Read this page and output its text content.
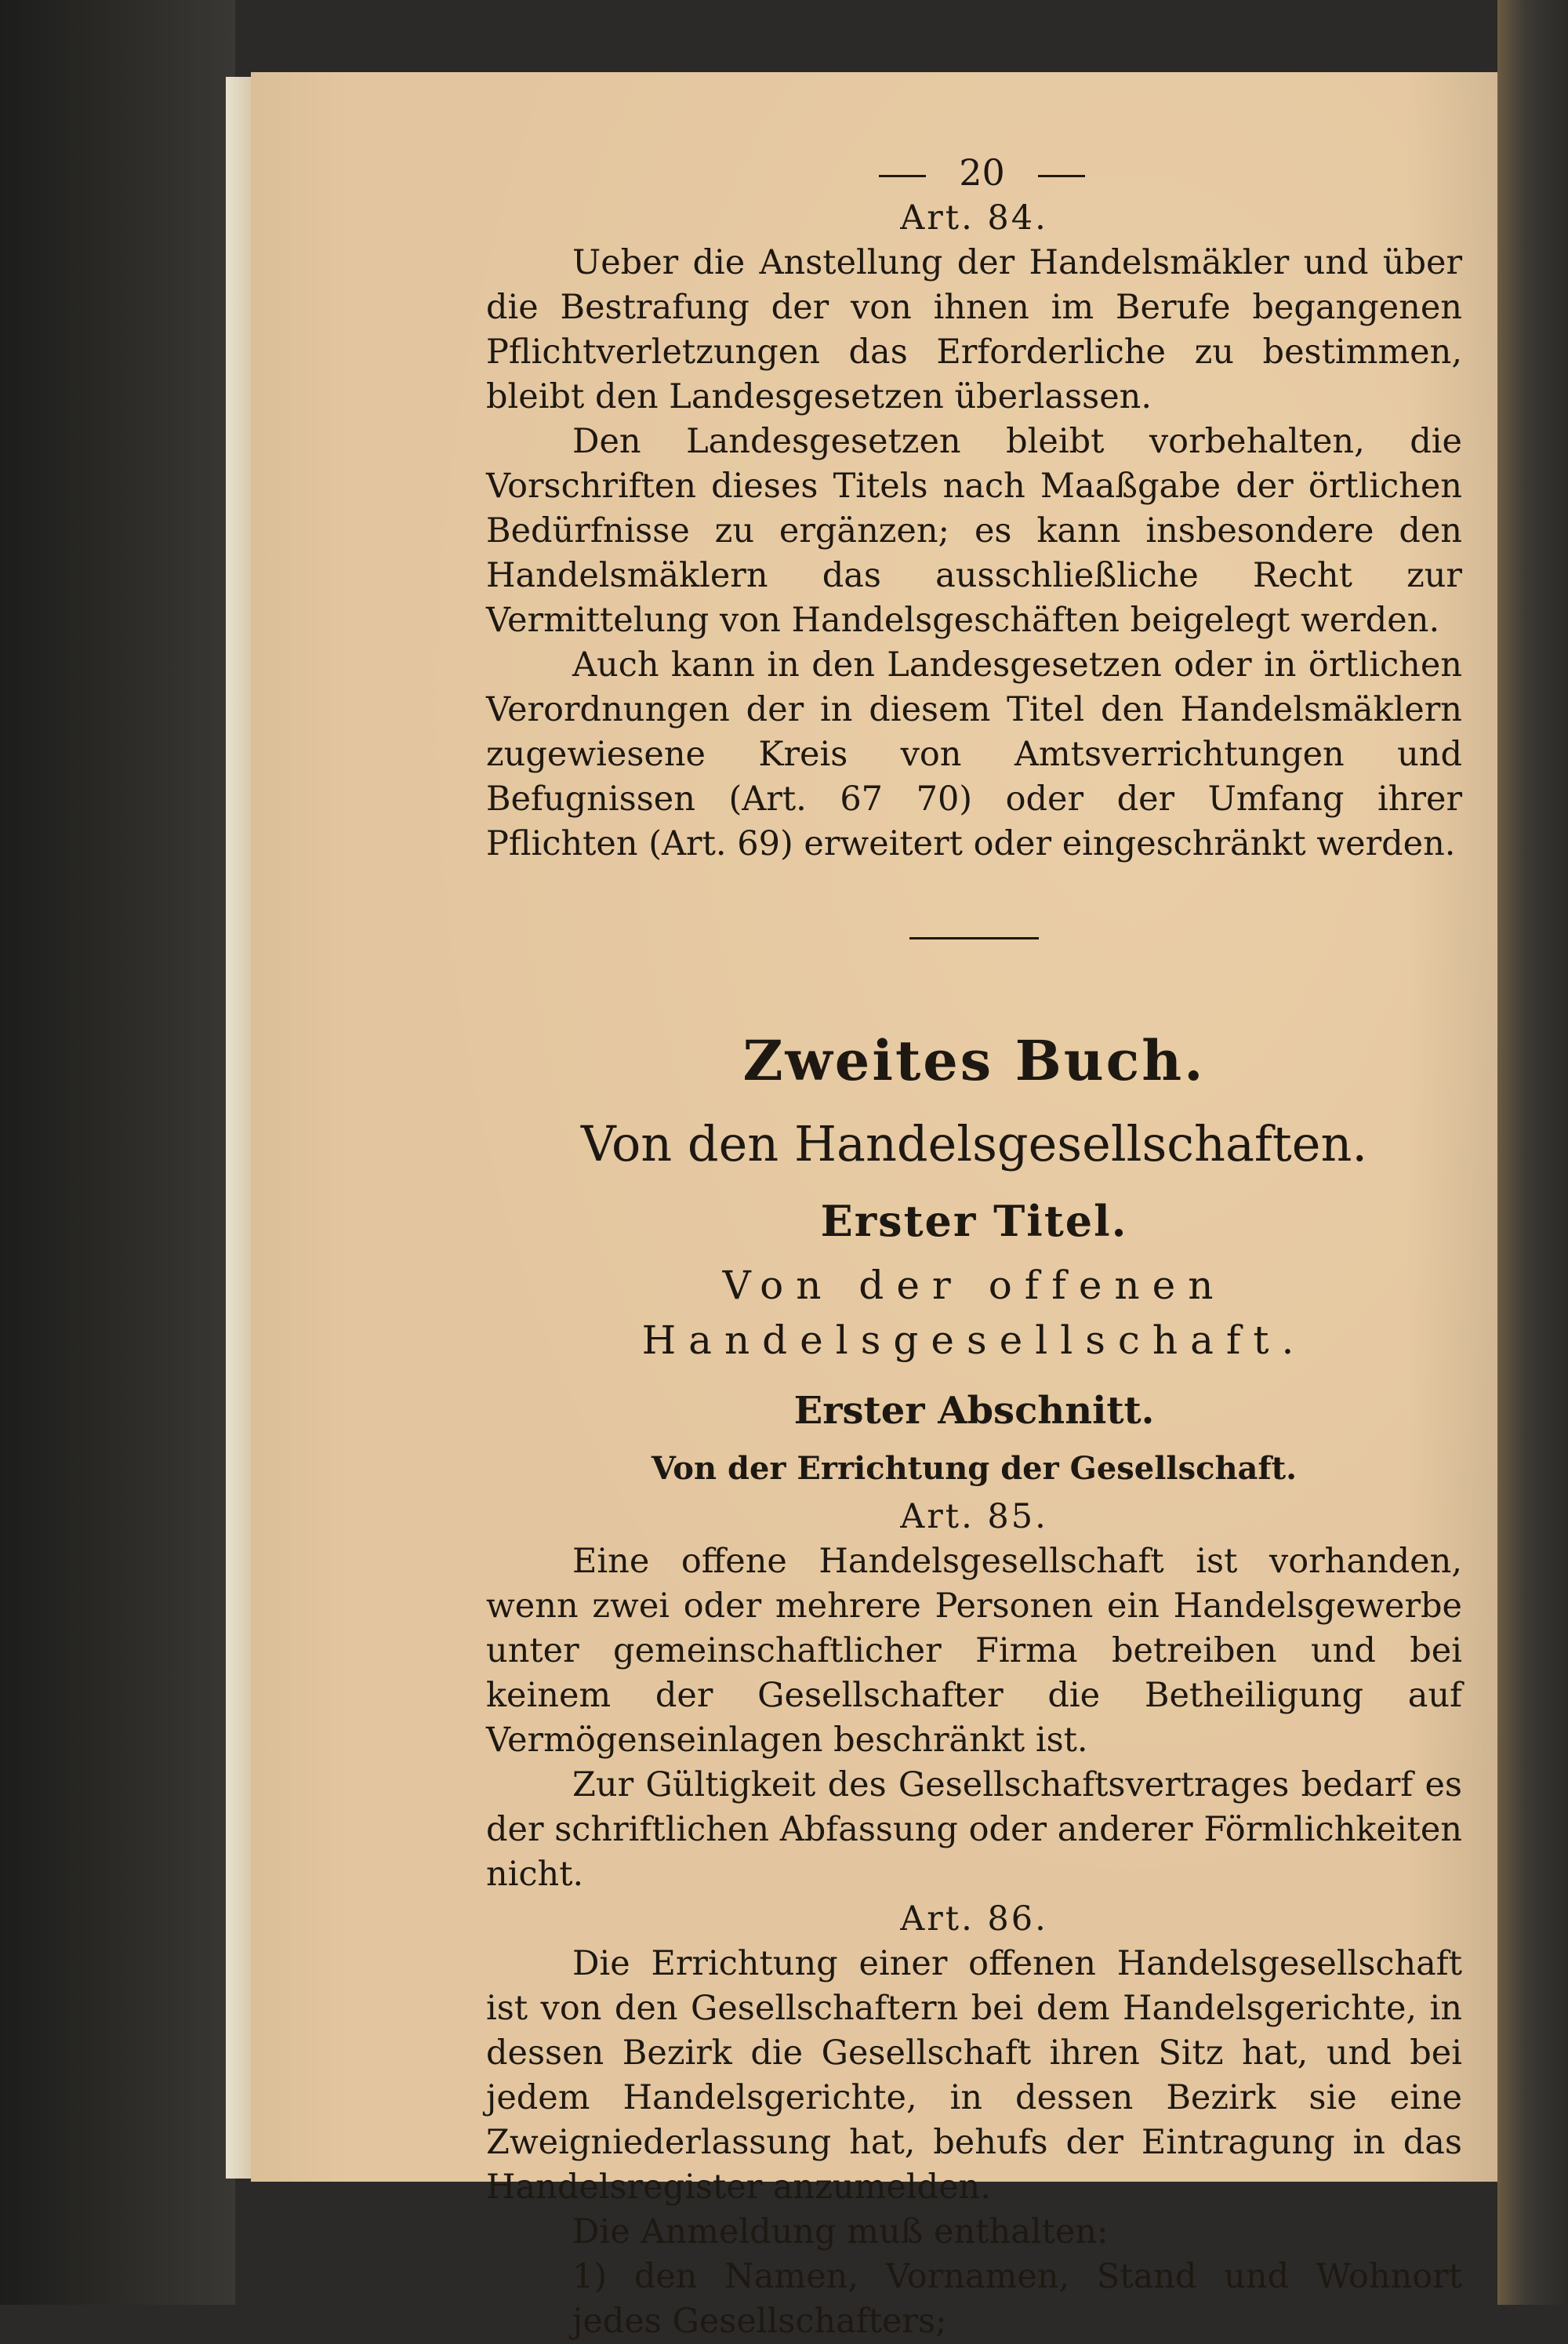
20
Art. 84.

Ueber die Anstellung der Handelsmäkler und über die Bestrafung der von ihnen im Berufe begangenen Pflichtverletzungen das Erforderliche zu bestimmen, bleibt den Landesgesetzen überlassen.

Den Landesgesetzen bleibt vorbehalten, die Vorschriften dieses Titels nach Maaßgabe der örtlichen Bedürfnisse zu ergänzen; es kann insbesondere den Handelsmäklern das ausschließliche Recht zur Vermittelung von Handelsgeschäften beigelegt werden.

Auch kann in den Landesgesetzen oder in örtlichen Verordnungen der in diesem Titel den Handelsmäklern zugewiesene Kreis von Amtsverrichtungen und Befugnissen (Art. 67 70) oder der Umfang ihrer Pflichten (Art. 69) erweitert oder eingeschränkt werden.

Zweites Buch.
Von den Handelsgesellschaften.
Erster Titel.
Von der offenen Handelsgesellschaft.
Erster Abschnitt.
Von der Errichtung der Gesellschaft.
Art. 85.

Eine offene Handelsgesellschaft ist vorhanden, wenn zwei oder mehrere Personen ein Handelsgewerbe unter gemeinschaftlicher Firma betreiben und bei keinem der Gesellschafter die Betheiligung auf Vermögenseinlagen beschränkt ist.

Zur Gültigkeit des Gesellschaftsvertrages bedarf es der schriftlichen Abfassung oder anderer Förmlichkeiten nicht.

Art. 86.

Die Errichtung einer offenen Handelsgesellschaft ist von den Gesellschaftern bei dem Handelsgerichte, in dessen Bezirk die Gesellschaft ihren Sitz hat, und bei jedem Handelsgerichte, in dessen Bezirk sie eine Zweigniederlassung hat, behufs der Eintragung in das Handelsregister anzumelden.

Die Anmeldung muß enthalten:

1) den Namen, Vornamen, Stand und Wohnort jedes Gesellschafters;
